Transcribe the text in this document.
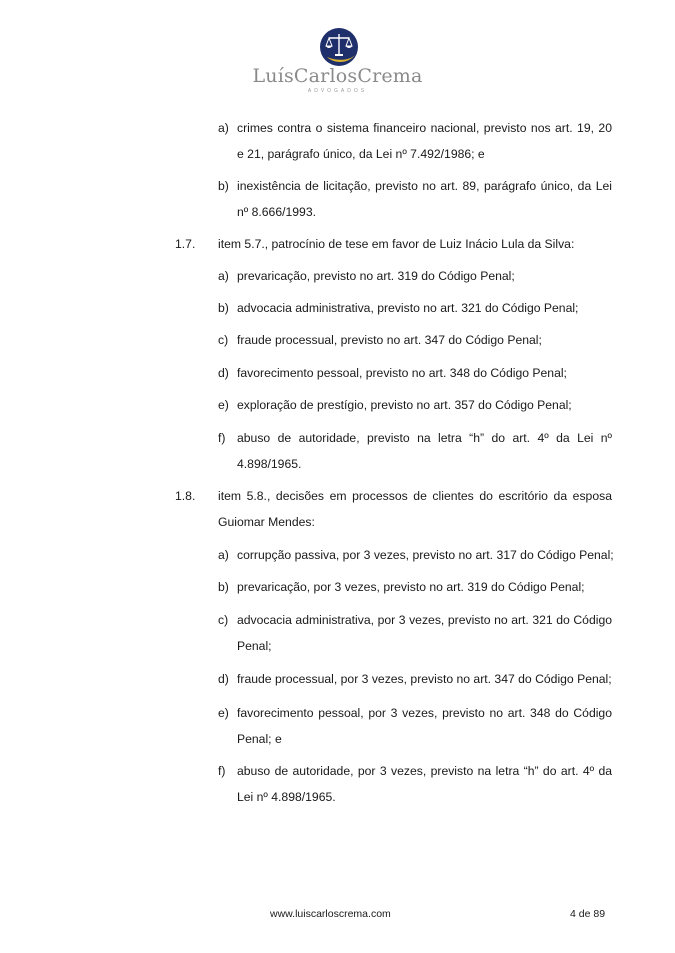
LuísCarlosCrema
ADVOGADOS
a) crimes contra o sistema financeiro nacional, previsto nos art. 19, 20
e 21, parágrafo único, da Lei nº 7.492/1986; e
b) inexistência de licitação, previsto no art. 89, parágrafo único, da Lei
nº 8.666/1993.
1.7. item 5.7., patrocínio de tese em favor de Luiz Inácio Lula da Silva:
a) prevaricação, previsto no art. 319 do Código Penal;
b) advocacia administrativa, previsto no art. 321 do Código Penal;
c) fraude processual, previsto no art. 347 do Código Penal;
d) favorecimento pessoal, previsto no art. 348 do Código Penal;
e) exploração de prestígio, previsto no art. 357 do Código Penal;
f) abuso de autoridade, previsto na letra “h” do art. 4º da Lei nº
4.898/1965.
1.8. item 5.8., decisões em processos de clientes do escritório da esposa
Guiomar Mendes:
a) corrupção passiva, por 3 vezes, previsto no art. 317 do Código Penal;
b) prevaricação, por 3 vezes, previsto no art. 319 do Código Penal;
c) advocacia administrativa, por 3 vezes, previsto no art. 321 do Código
Penal;
d) fraude processual, por 3 vezes, previsto no art. 347 do Código Penal;
e) favorecimento pessoal, por 3 vezes, previsto no art. 348 do Código
Penal; e
f) abuso de autoridade, por 3 vezes, previsto na letra “h” do art. 4º da
Lei nº 4.898/1965.
www.luiscarloscrema.com	4 de 89
